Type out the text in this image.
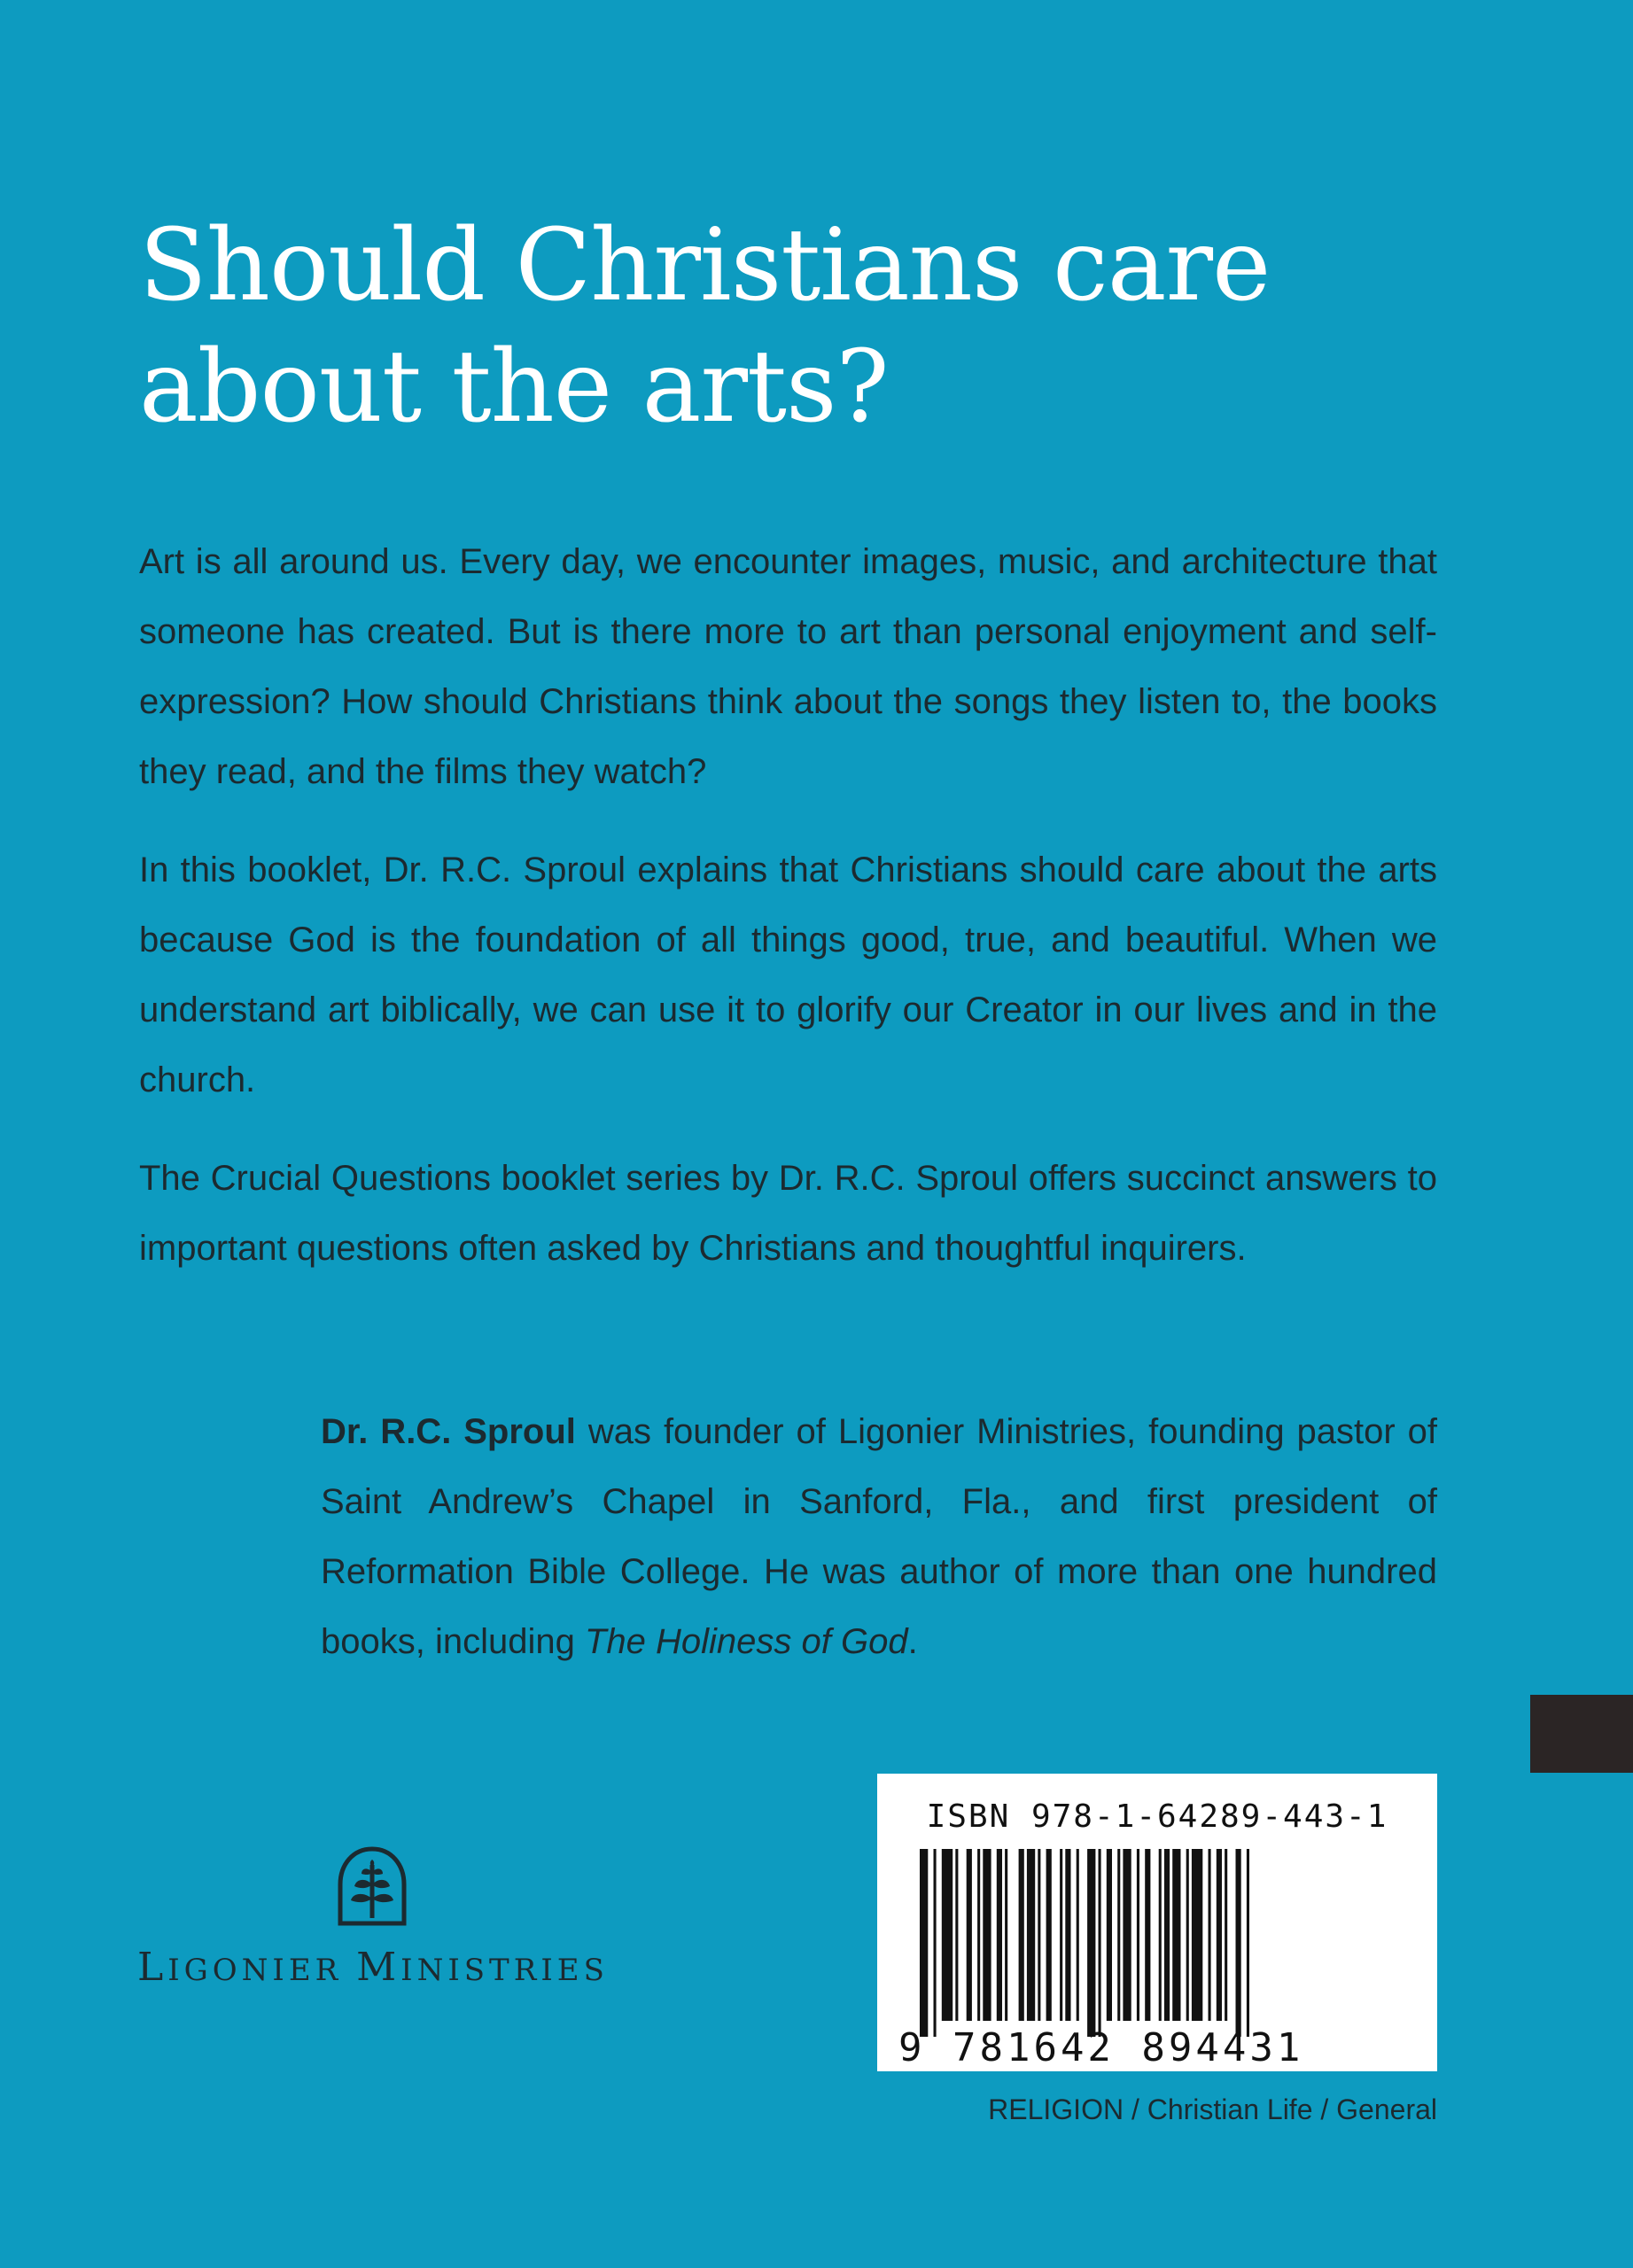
Should Christians care
about the arts?

Art is all around us. Every day, we encounter images, music, and architecture that someone has created. But is there more to art than personal enjoyment and self-expression? How should Christians think about the songs they listen to, the books they read, and the films they watch?

In this booklet, Dr. R.C. Sproul explains that Christians should care about the arts because God is the foundation of all things good, true, and beautiful. When we understand art biblically, we can use it to glorify our Creator in our lives and in the church.

The Crucial Questions booklet series by Dr. R.C. Sproul offers succinct answers to important questions often asked by Christians and thoughtful inquirers.

Dr. R.C. Sproul was founder of Ligonier Ministries, founding pastor of Saint Andrew’s Chapel in Sanford, Fla., and first president of Reformation Bible College. He was author of more than one hundred books, including The Holiness of God.

LIGONIER MINISTRIES
ISBN 978-1-64289-443-1
9 781642 894431
RELIGION / Christian Life / General
